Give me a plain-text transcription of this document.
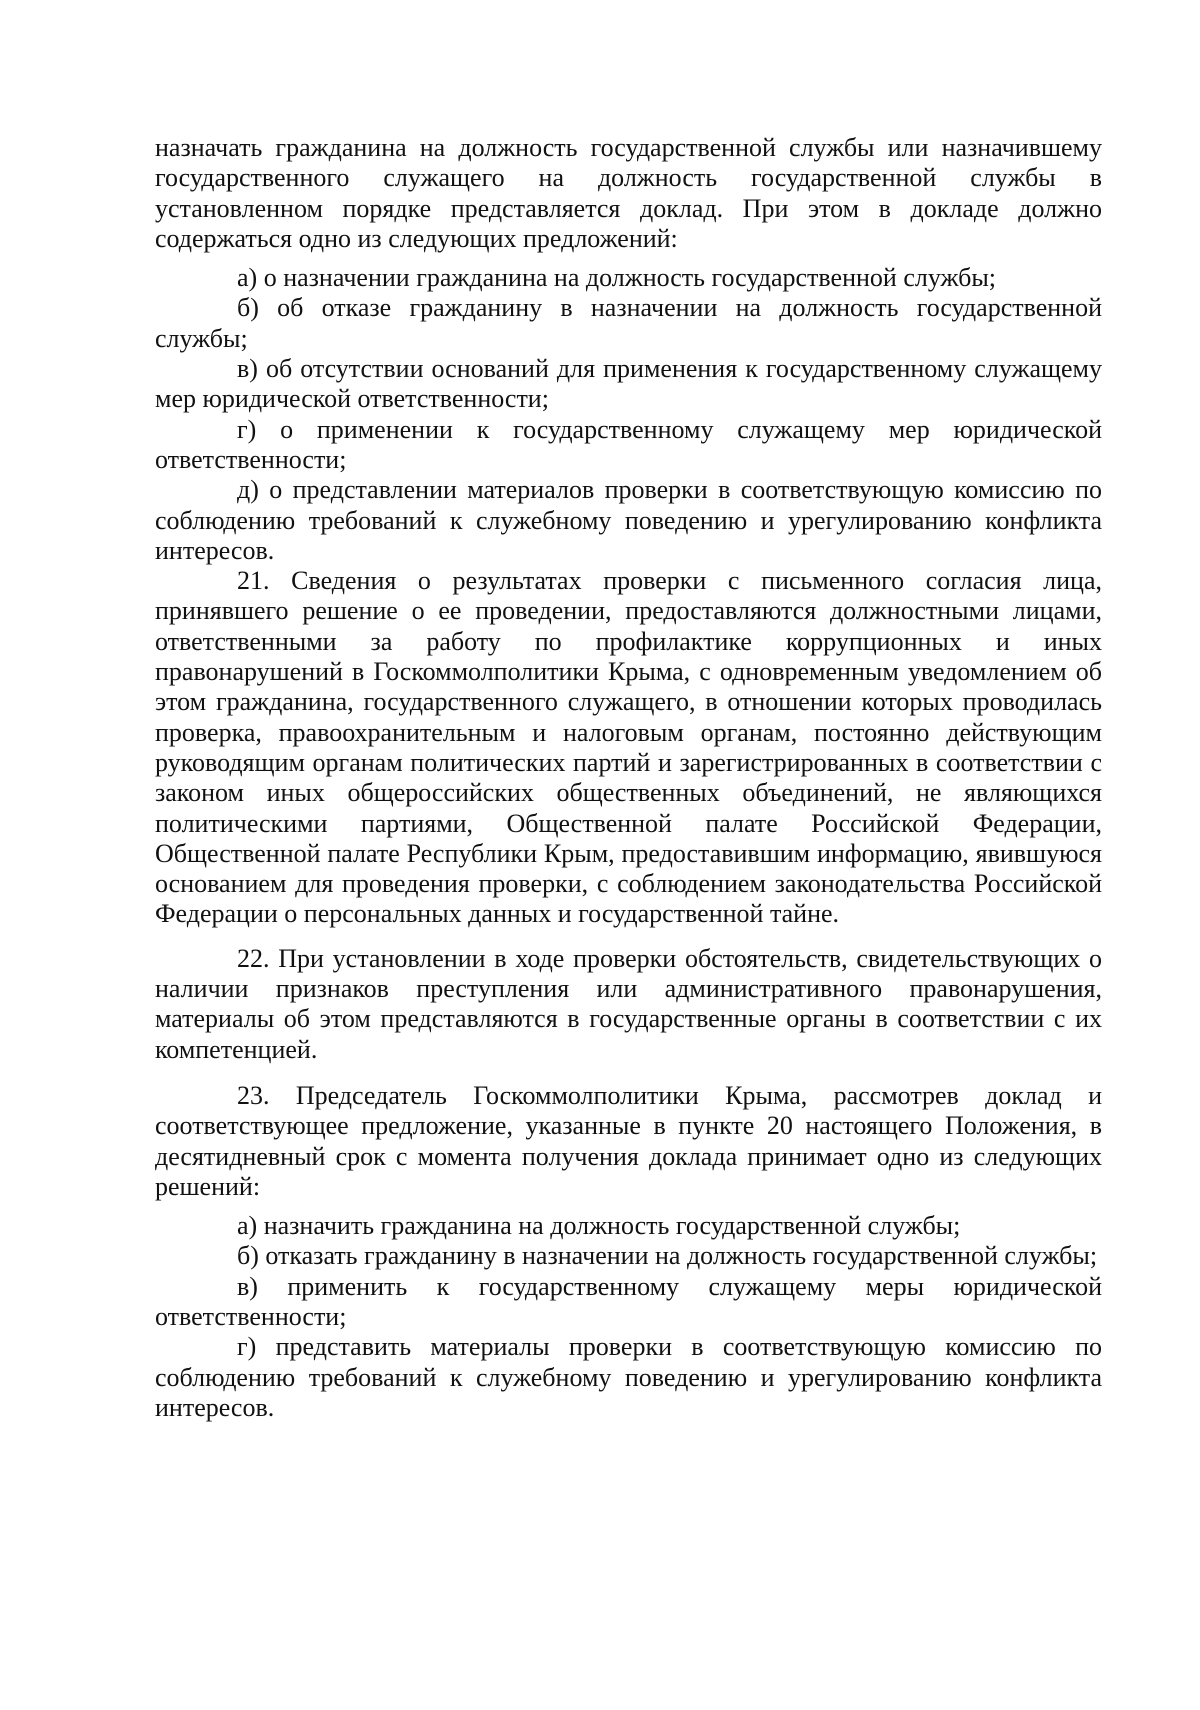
назначать гражданина на должность государственной службы или назначившему государственного служащего на должность государственной службы в установленном порядке представляется доклад. При этом в докладе должно содержаться одно из следующих предложений:

а) о назначении гражданина на должность государственной службы;

б) об отказе гражданину в назначении на должность государственной службы;

в) об отсутствии оснований для применения к государственному служащему мер юридической ответственности;

г) о применении к государственному служащему мер юридической ответственности;

д) о представлении материалов проверки в соответствующую комиссию по соблюдению требований к служебному поведению и урегулированию конфликта интересов.

21. Сведения о результатах проверки с письменного согласия лица, принявшего решение о ее проведении, предоставляются должностными лицами, ответственными за работу по профилактике коррупционных и иных правонарушений в Госкоммолполитики Крыма, с одновременным уведомлением об этом гражданина, государственного служащего, в отношении которых проводилась проверка, правоохранительным и налоговым органам, постоянно действующим руководящим органам политических партий и зарегистрированных в соответствии с законом иных общероссийских общественных объединений, не являющихся политическими партиями, Общественной палате Российской Федерации, Общественной палате Республики Крым, предоставившим информацию, явившуюся основанием для проведения проверки, с соблюдением законодательства Российской Федерации о персональных данных и государственной тайне.

22. При установлении в ходе проверки обстоятельств, свидетельствующих о наличии признаков преступления или административного правонарушения, материалы об этом представляются в государственные органы в соответствии с их компетенцией.

23. Председатель Госкоммолполитики Крыма, рассмотрев доклад и соответствующее предложение, указанные в пункте 20 настоящего Положения, в десятидневный срок с момента получения доклада принимает одно из следующих решений:

а) назначить гражданина на должность государственной службы;

б) отказать гражданину в назначении на должность государственной службы;

в) применить к государственному служащему меры юридической ответственности;

г) представить материалы проверки в соответствующую комиссию по соблюдению требований к служебному поведению и урегулированию конфликта интересов.
